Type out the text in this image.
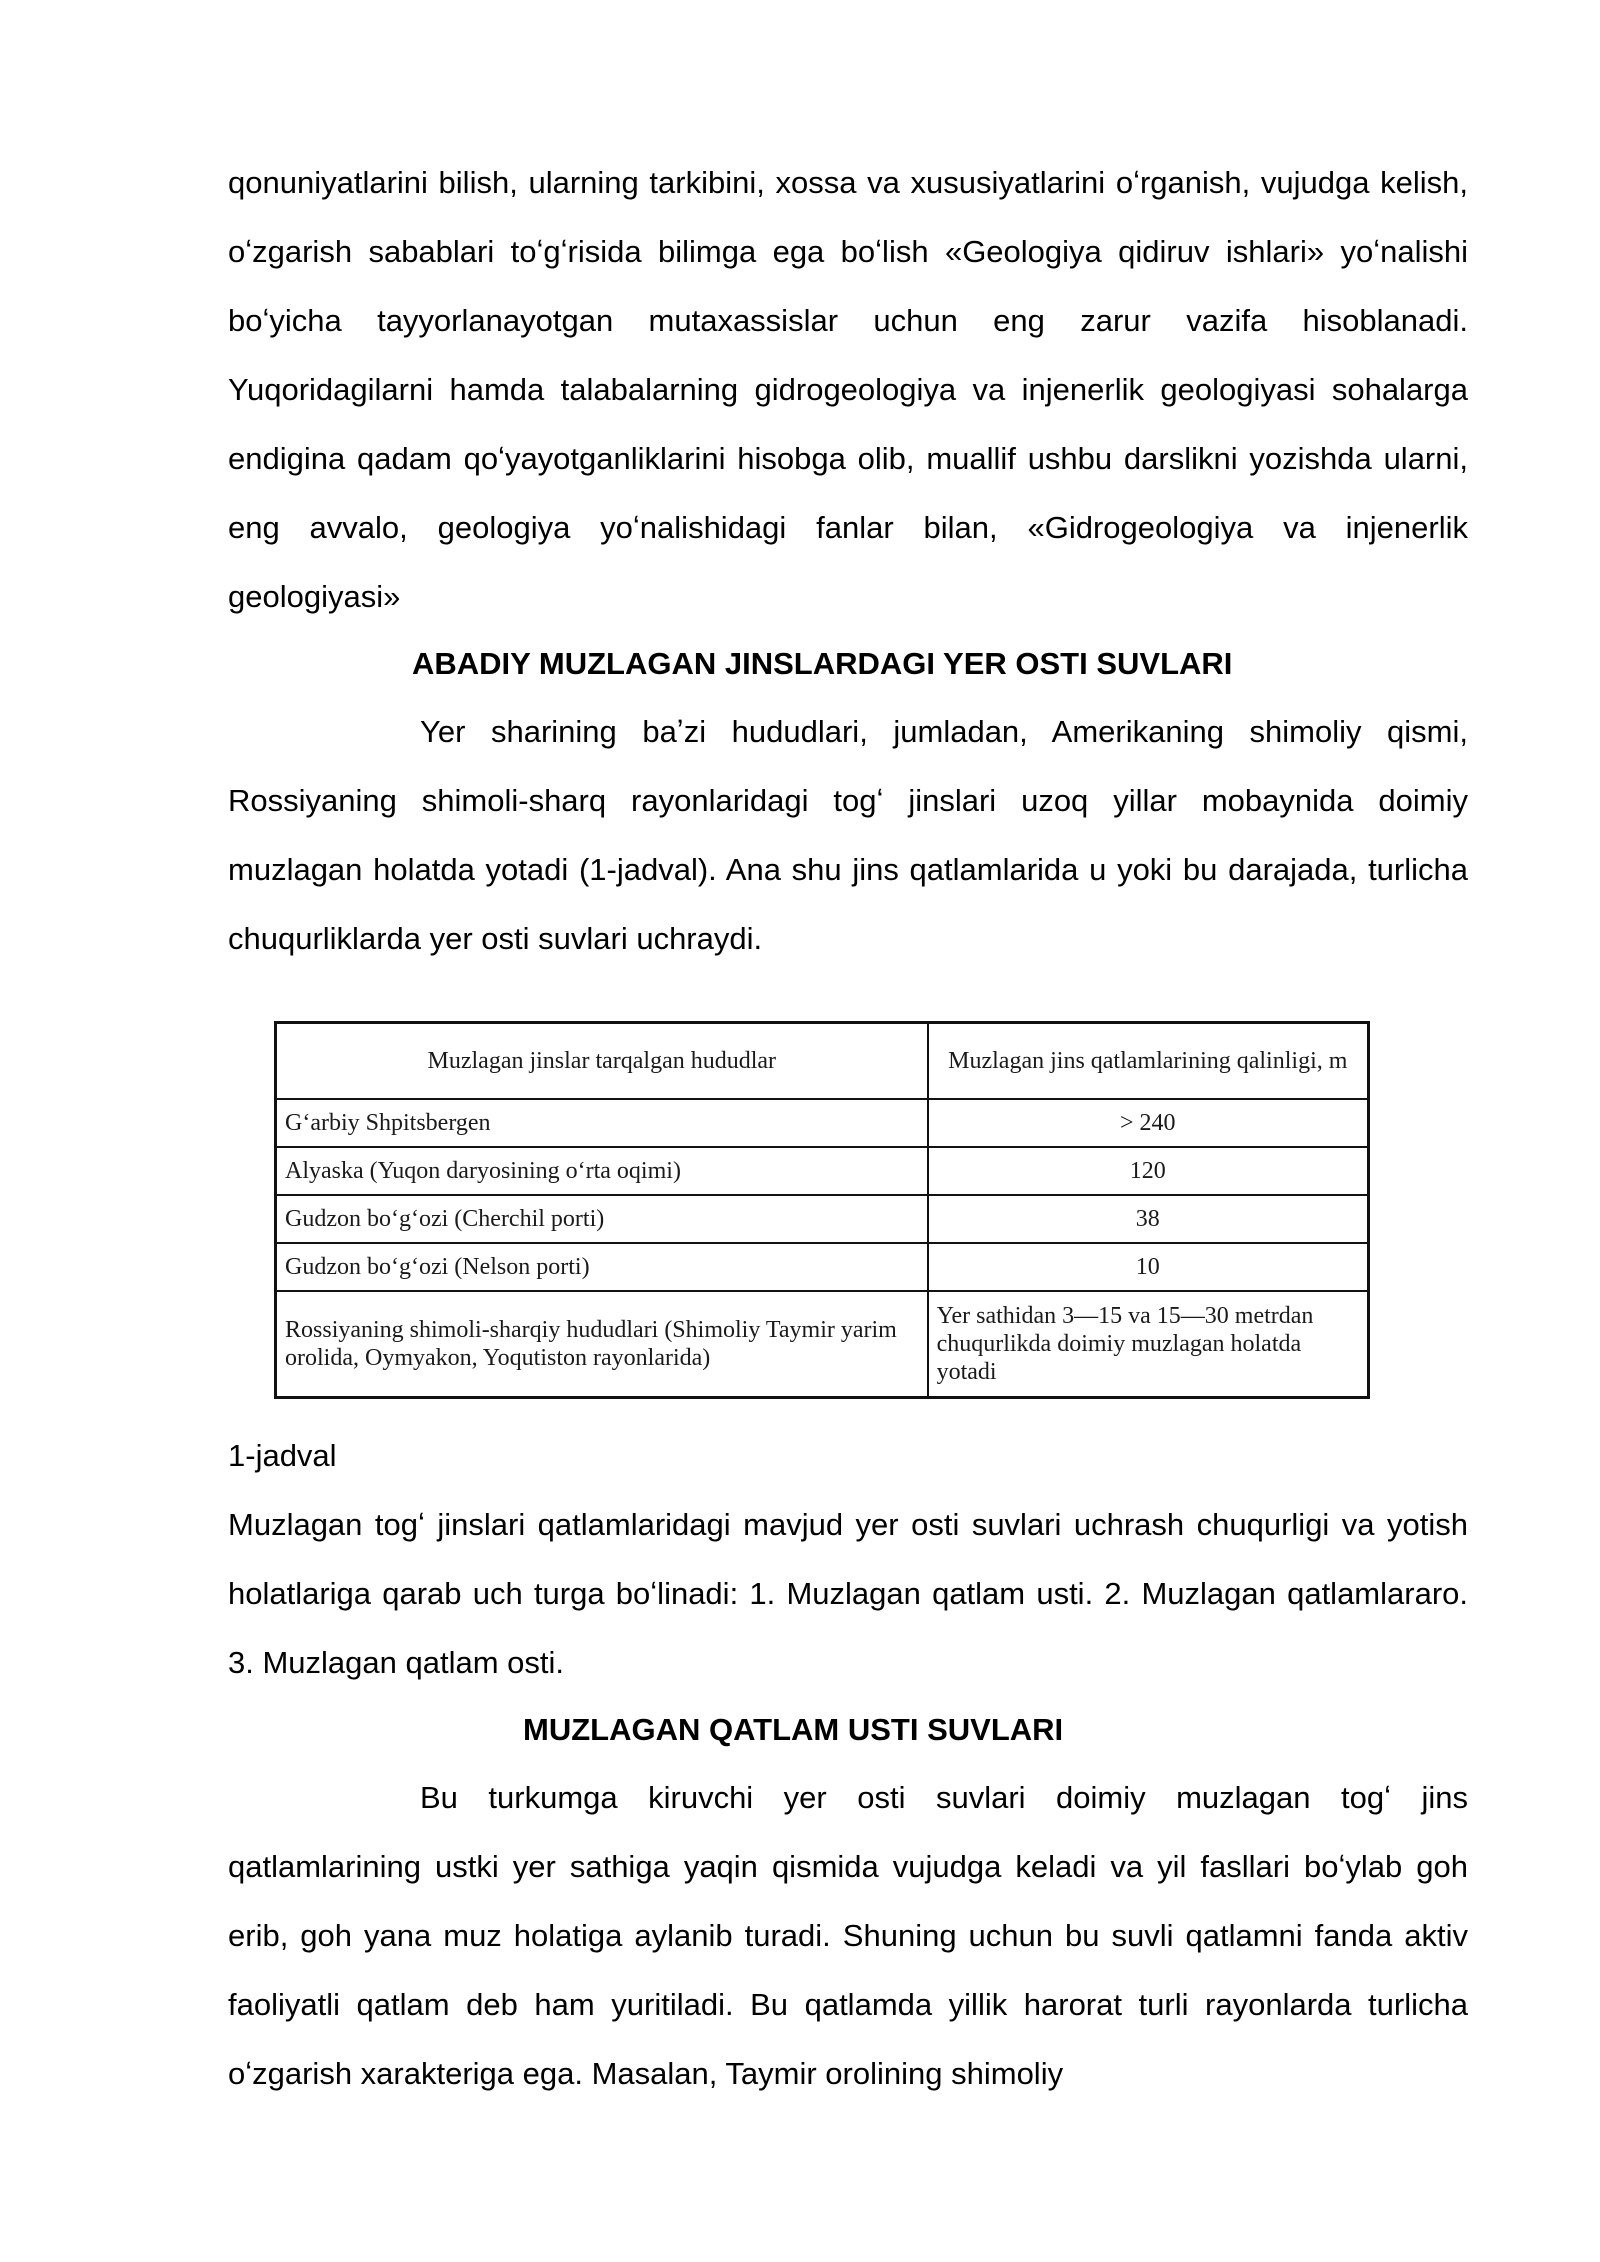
qonuniyatlarini bilish, ularning tarkibini, xossa va xususiyatlarini oʻrganish, vujudga kelish, oʻzgarish sabablari toʻgʻrisida bilimga ega boʻlish «Geologiya qidiruv ishlari» yoʻnalishi boʻyicha tayyorlanayotgan mutaxassislar uchun eng zarur vazifa hisoblanadi. Yuqoridagilarni hamda talabalarning gidrogeologiya va injenerlik geologiyasi sohalarga endigina qadam qoʻyayotganliklarini hisobga olib, muallif ushbu darslikni yozishda ularni, eng avvalo, geologiya yoʻnalishidagi fanlar bilan, «Gidrogeologiya va injenerlik geologiyasi»

ABADIY MUZLAGAN JINSLARDAGI YER OSTI SUVLARI

Yer sharining baʼzi hududlari, jumladan, Amerikaning shimoliy qismi, Rossiyaning shimoli-sharq rayonlaridagi togʻ jinslari uzoq yillar mobaynida doimiy muzlagan holatda yotadi (1-jadval). Ana shu jins qatlamlarida u yoki bu darajada, turlicha chuqurliklarda yer osti suvlari uchraydi.

Muzlagan jinslar tarqalgan hududlar	Muzlagan jins qatlamlarining qalinligi, m
Gʻarbiy Shpitsbergen	> 240
Alyaska (Yuqon daryosining oʻrta oqimi)	120
Gudzon boʻgʻozi (Cherchil porti)	38
Gudzon boʻgʻozi (Nelson porti)	10
Rossiyaning shimoli-sharqiy hududlari (Shimoliy Taymir yarim orolida, Oymyakon, Yoqutiston rayonlarida)	Yer sathidan 3—15 va 15—30 metrdan chuqurlikda doimiy muzlagan holatda yotadi

1-jadval

Muzlagan togʻ jinslari qatlamlaridagi mavjud yer osti suvlari uchrash chuqurligi va yotish holatlariga qarab uch turga boʻlinadi: 1. Muzlagan qatlam usti. 2. Muzlagan qatlamlararo. 3. Muzlagan qatlam osti.

MUZLAGAN QATLAM USTI SUVLARI

Bu turkumga kiruvchi yer osti suvlari doimiy muzlagan togʻ jins qatlamlarining ustki yer sathiga yaqin qismida vujudga keladi va yil fasllari boʻylab goh erib, goh yana muz holatiga aylanib turadi. Shuning uchun bu suvli qatlamni fanda aktiv faoliyatli qatlam deb ham yuritiladi. Bu qatlamda yillik harorat turli rayonlarda turlicha oʻzgarish xarakteriga ega. Masalan, Taymir orolining shimoliy
